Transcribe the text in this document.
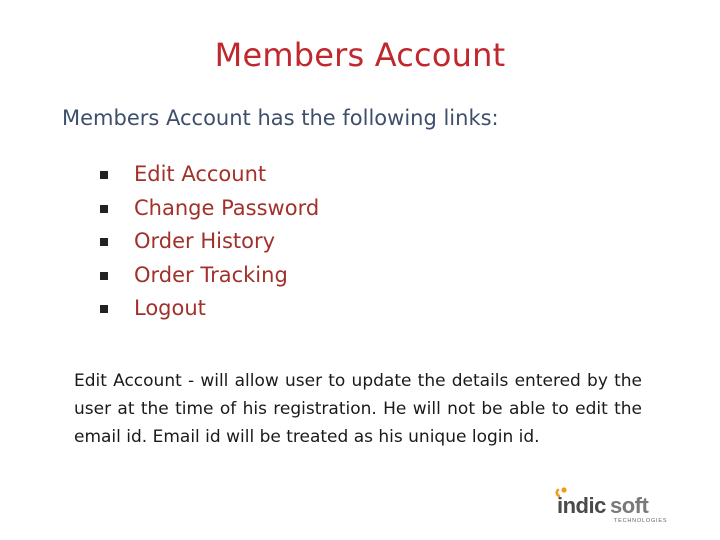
Members Account
Members Account has the following links:
Edit Account
Change Password
Order History
Order Tracking
Logout
Edit Account - will allow user to update the details entered by the user at the time of his registration. He will not be able to edit the email id. Email id will be treated as his unique login id.
indic soft
TECHNOLOGIES
